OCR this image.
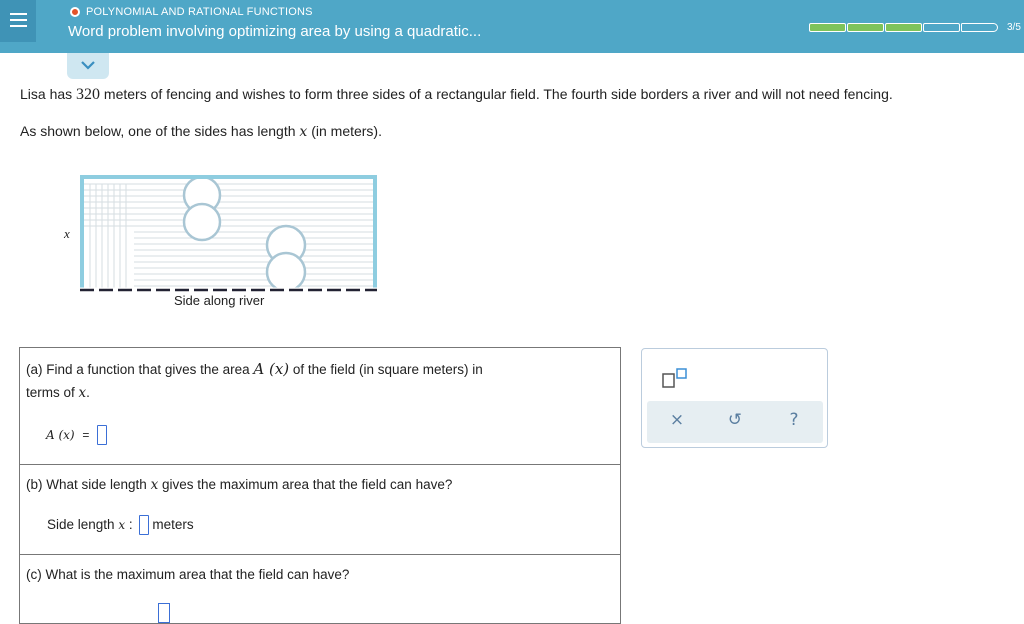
POLYNOMIAL AND RATIONAL FUNCTIONS
Word problem involving optimizing area by using a quadratic...	3/5
Lisa has 320 meters of fencing and wishes to form three sides of a rectangular field. The fourth side borders a river and will not need fencing.
As shown below, one of the sides has length x (in meters).
x
Side along river
(a) Find a function that gives the area A (x) of the field (in square meters) in
terms of x.
A (x) =
(b) What side length x gives the maximum area that the field can have?
Side length x : meters
(c) What is the maximum area that the field can have?
×	↺	?
